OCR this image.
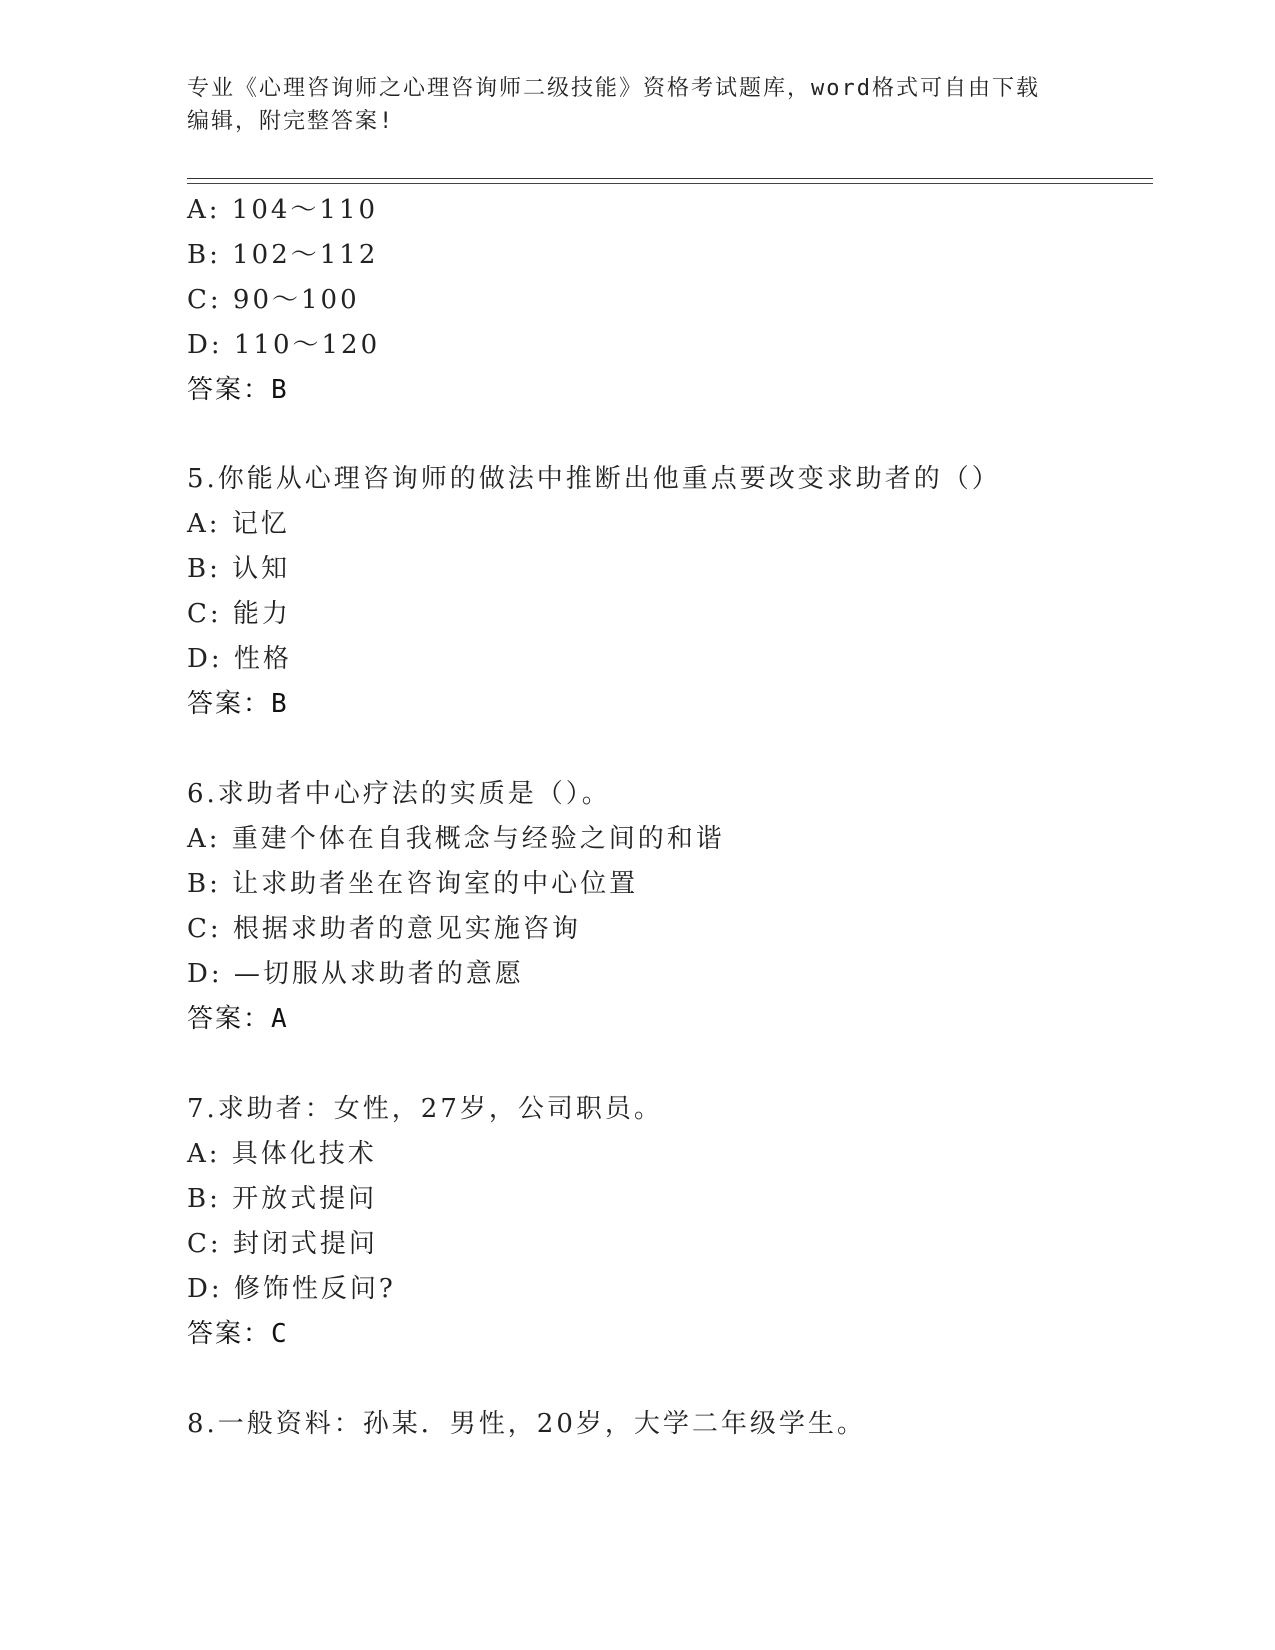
专业《心理咨询师之心理咨询师二级技能》资格考试题库，word格式可自由下载
编辑，附完整答案!
A: 104～110
B: 102～112
C: 90～100
D: 110～120
答案：B
5.你能从心理咨询师的做法中推断出他重点要改变求助者的（）
A: 记忆
B: 认知
C: 能力
D: 性格
答案：B
6.求助者中心疗法的实质是（）。
A: 重建个体在自我概念与经验之间的和谐
B: 让求助者坐在咨询室的中心位置
C: 根据求助者的意见实施咨询
D: —切服从求助者的意愿
答案：A
7.求助者：女性，27岁，公司职员。
A: 具体化技术
B: 开放式提问
C: 封闭式提问
D: 修饰性反问?
答案：C
8.一般资料：孙某．男性，20岁，大学二年级学生。
